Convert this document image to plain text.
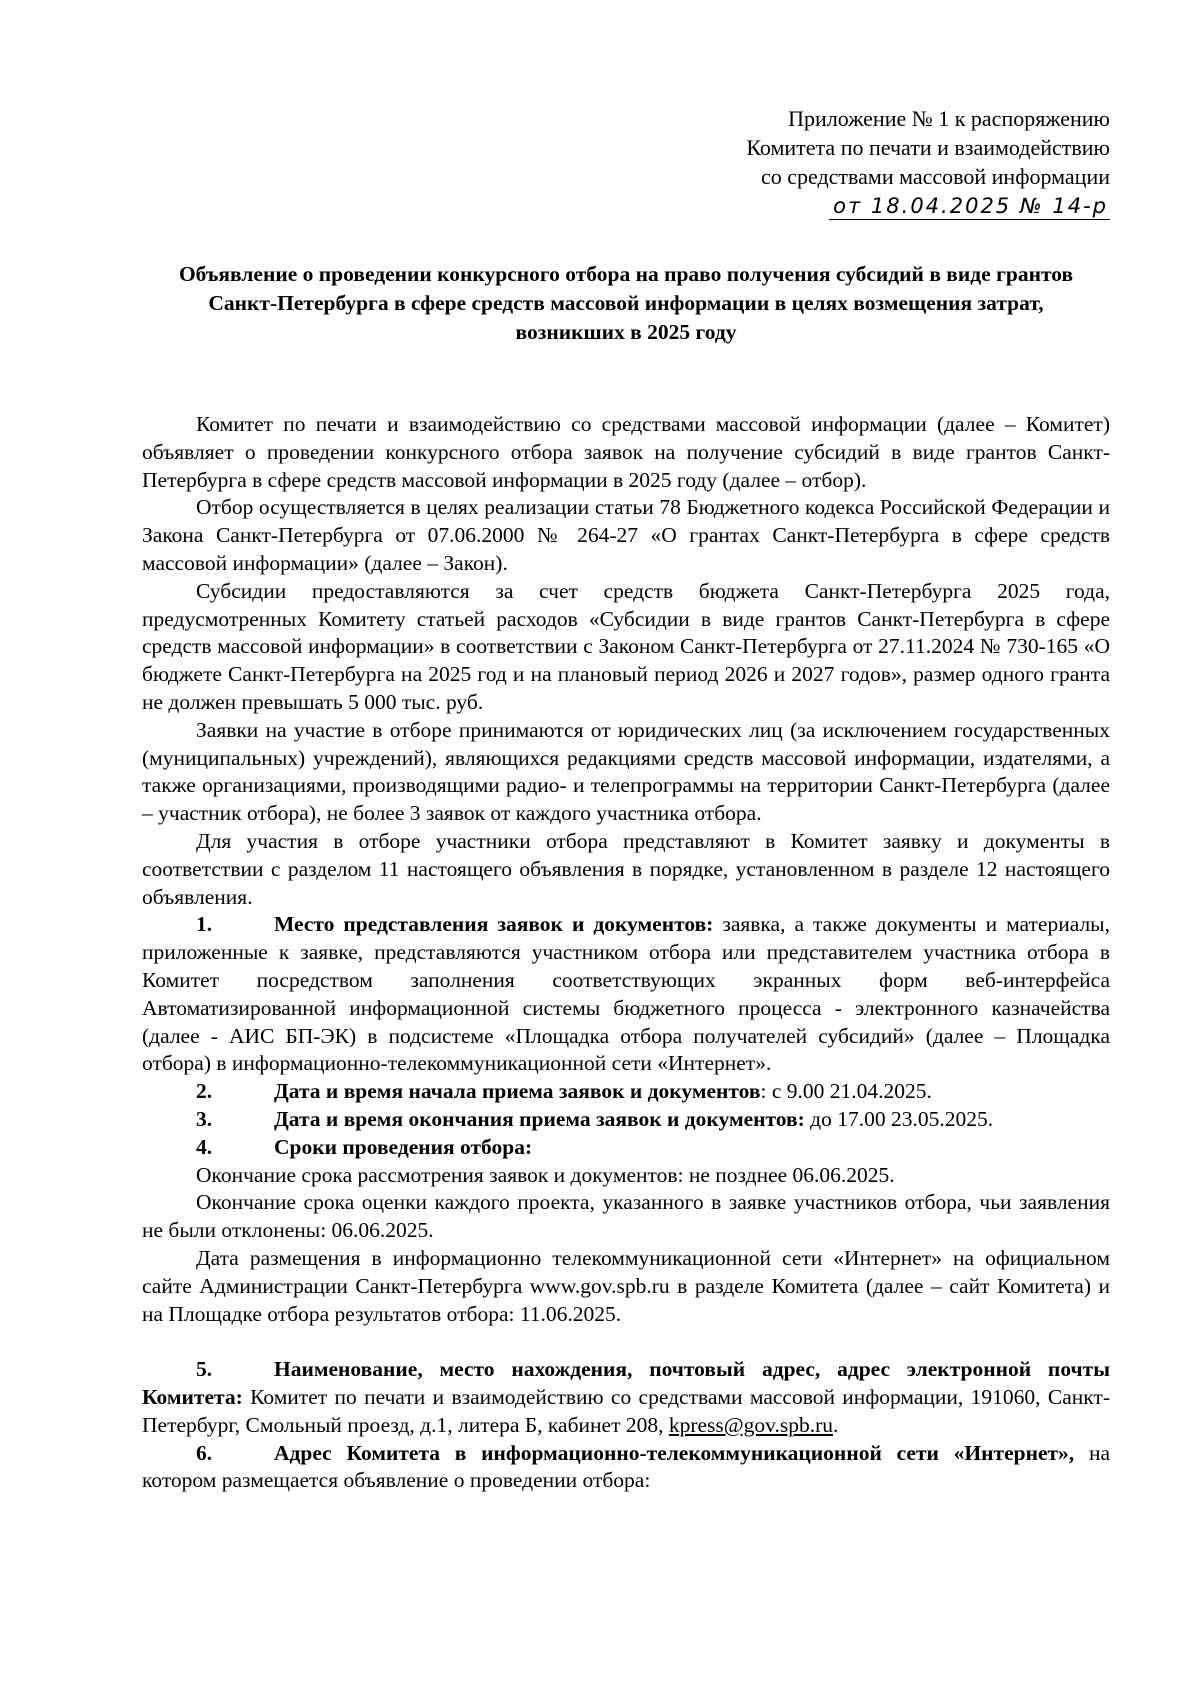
Приложение № 1 к распоряжению
Комитета по печати и взаимодействию
со средствами массовой информации
от 18.04.2025 № 14-р
Объявление о проведении конкурсного отбора на право получения субсидий в виде грантов Санкт-Петербурга в сфере средств массовой информации в целях возмещения затрат, возникших в 2025 году

Комитет по печати и взаимодействию со средствами массовой информации (далее – Комитет) объявляет о проведении конкурсного отбора заявок на получение субсидий в виде грантов Санкт-Петербурга в сфере средств массовой информации в 2025 году (далее – отбор).

Отбор осуществляется в целях реализации статьи 78 Бюджетного кодекса Российской Федерации и Закона Санкт-Петербурга от 07.06.2000 № 264-27 «О грантах Санкт-Петербурга в сфере средств массовой информации» (далее – Закон).

Субсидии предоставляются за счет средств бюджета Санкт-Петербурга 2025 года, предусмотренных Комитету статьей расходов «Субсидии в виде грантов Санкт-Петербурга в сфере средств массовой информации» в соответствии с Законом Санкт-Петербурга от 27.11.2024 № 730-165 «О бюджете Санкт-Петербурга на 2025 год и на плановый период 2026 и 2027 годов», размер одного гранта не должен превышать 5 000 тыс. руб.

Заявки на участие в отборе принимаются от юридических лиц (за исключением государственных (муниципальных) учреждений), являющихся редакциями средств массовой информации, издателями, а также организациями, производящими радио- и телепрограммы на территории Санкт-Петербурга (далее – участник отбора), не более 3 заявок от каждого участника отбора.

Для участия в отборе участники отбора представляют в Комитет заявку и документы в соответствии с разделом 11 настоящего объявления в порядке, установленном в разделе 12 настоящего объявления.

1.	Место представления заявок и документов: заявка, а также документы и материалы, приложенные к заявке, представляются участником отбора или представителем участника отбора в Комитет посредством заполнения соответствующих экранных форм веб-интерфейса Автоматизированной информационной системы бюджетного процесса - электронного казначейства (далее - АИС БП-ЭК) в подсистеме «Площадка отбора получателей субсидий» (далее – Площадка отбора) в информационно-телекоммуникационной сети «Интернет».

2.	Дата и время начала приема заявок и документов: с 9.00 21.04.2025.

3.	Дата и время окончания приема заявок и документов: до 17.00 23.05.2025.

4.	Сроки проведения отбора:

Окончание срока рассмотрения заявок и документов: не позднее 06.06.2025.

Окончание срока оценки каждого проекта, указанного в заявке участников отбора, чьи заявления не были отклонены: 06.06.2025.

Дата размещения в информационно телекоммуникационной сети «Интернет» на официальном сайте Администрации Санкт-Петербурга www.gov.spb.ru в разделе Комитета (далее – сайт Комитета) и на Площадке отбора результатов отбора: 11.06.2025.

5.	Наименование, место нахождения, почтовый адрес, адрес электронной почты Комитета: Комитет по печати и взаимодействию со средствами массовой информации, 191060, Санкт-Петербург, Смольный проезд, д.1, литера Б, кабинет 208, kpress@gov.spb.ru.

6.	Адрес Комитета в информационно-телекоммуникационной сети «Интернет», на котором размещается объявление о проведении отбора:
